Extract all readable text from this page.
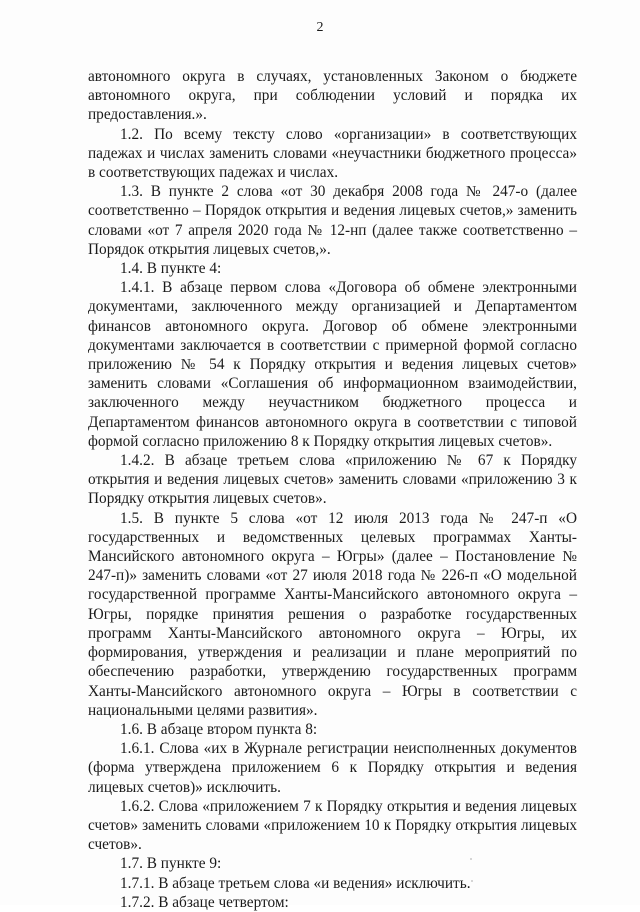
2

автономного округа в случаях, установленных Законом о бюджете автономного округа, при соблюдении условий и порядка их предоставления.».

1.2. По всему тексту слово «организации» в соответствующих падежах и числах заменить словами «неучастники бюджетного процесса» в соответствующих падежах и числах.

1.3. В пункте 2 слова «от 30 декабря 2008 года № 247-о (далее соответственно – Порядок открытия и ведения лицевых счетов,» заменить словами «от 7 апреля 2020 года № 12-нп (далее также соответственно – Порядок открытия лицевых счетов,».

1.4. В пункте 4:

1.4.1. В абзаце первом слова «Договора об обмене электронными документами, заключенного между организацией и Департаментом финансов автономного округа. Договор об обмене электронными документами заключается в соответствии с примерной формой согласно приложению № 54 к Порядку открытия и ведения лицевых счетов» заменить словами «Соглашения об информационном взаимодействии, заключенного между неучастником бюджетного процесса и Департаментом финансов автономного округа в соответствии с типовой формой согласно приложению 8 к Порядку открытия лицевых счетов».

1.4.2. В абзаце третьем слова «приложению № 67 к Порядку открытия и ведения лицевых счетов» заменить словами «приложению 3 к Порядку открытия лицевых счетов».

1.5. В пункте 5 слова «от 12 июля 2013 года № 247-п «О государственных и ведомственных целевых программах Ханты-Мансийского автономного округа – Югры» (далее – Постановление № 247-п)» заменить словами «от 27 июля 2018 года № 226-п «О модельной государственной программе Ханты-Мансийского автономного округа – Югры, порядке принятия решения о разработке государственных программ Ханты-Мансийского автономного округа – Югры, их формирования, утверждения и реализации и плане мероприятий по обеспечению разработки, утверждению государственных программ Ханты-Мансийского автономного округа – Югры в соответствии с национальными целями развития».

1.6. В абзаце втором пункта 8:

1.6.1. Слова «их в Журнале регистрации неисполненных документов (форма утверждена приложением 6 к Порядку открытия и ведения лицевых счетов)» исключить.

1.6.2. Слова «приложением 7 к Порядку открытия и ведения лицевых счетов» заменить словами «приложением 10 к Порядку открытия лицевых счетов».

1.7. В пункте 9:

1.7.1. В абзаце третьем слова «и ведения» исключить.

1.7.2. В абзаце четвертом:
